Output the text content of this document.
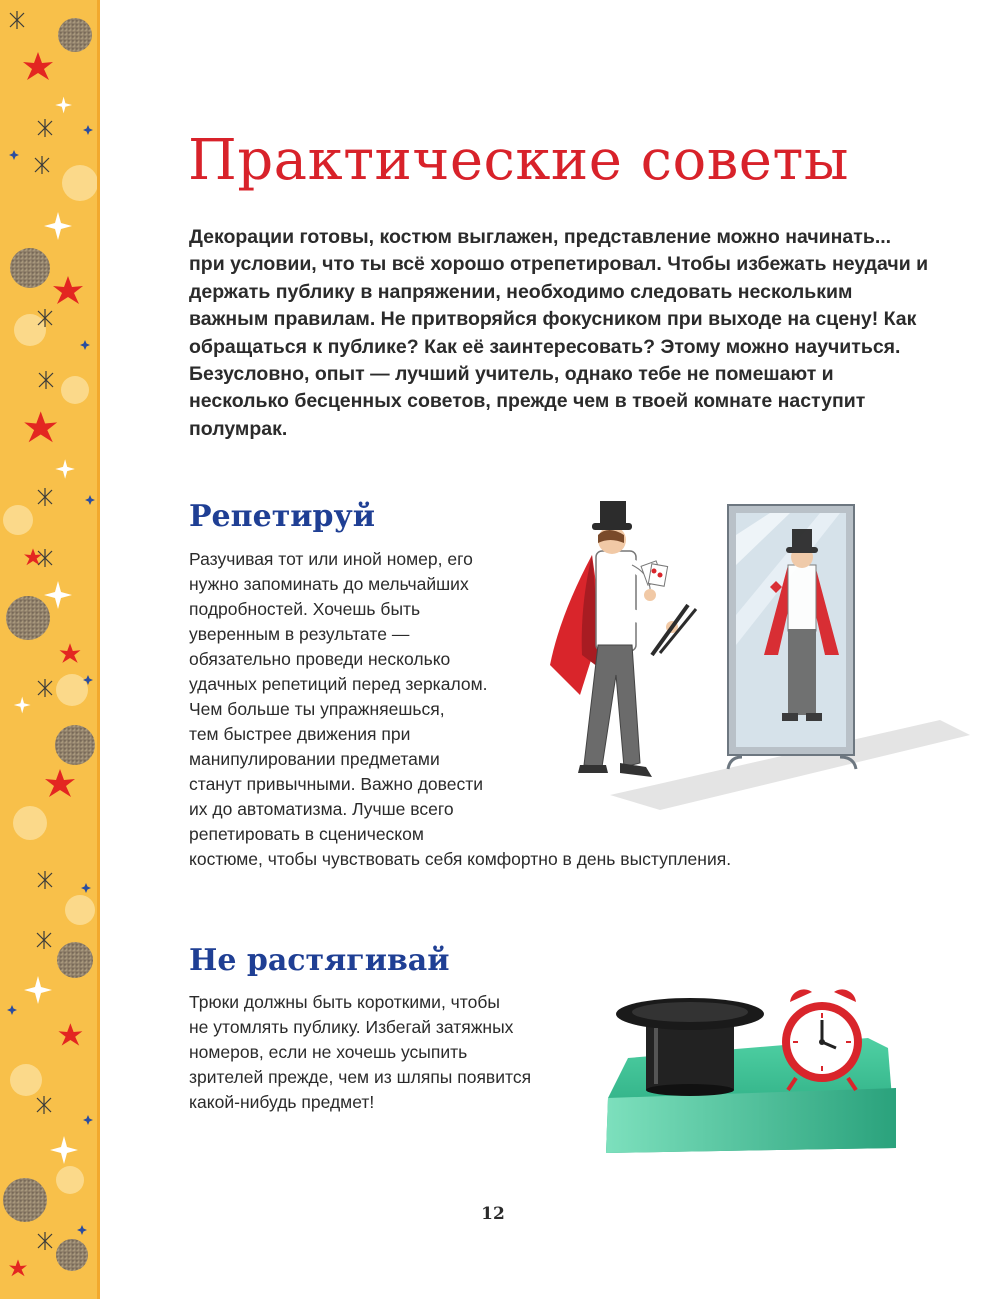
Практические советы

Декорации готовы, костюм выглажен, представление можно начинать... при условии, что ты всё хорошо отрепетировал. Чтобы избежать неудачи и держать публику в напряжении, необходимо следовать нескольким важным правилам. Не притворяйся фокусником при выходе на сцену! Как обращаться к публике? Как её заинтересовать? Этому можно научиться. Безусловно, опыт — лучший учитель, однако тебе не помешают и несколько бесценных советов, прежде чем в твоей комнате наступит полумрак.

Репетируй
Разучивая тот или иной номер, его
нужно запоминать до мельчайших
подробностей. Хочешь быть
уверенным в результате —
обязательно проведи несколько
удачных репетиций перед зеркалом.
Чем больше ты упражняешься,
тем быстрее движения при
манипулировании предметами
станут привычными. Важно довести
их до автоматизма. Лучше всего
репетировать в сценическом
костюме, чтобы чувствовать себя комфортно в день выступления.
Не растягивай
Трюки должны быть короткими, чтобы
не утомлять публику. Избегай затяжных
номеров, если не хочешь усыпить
зрителей прежде, чем из шляпы появится
какой-нибудь предмет!
12
